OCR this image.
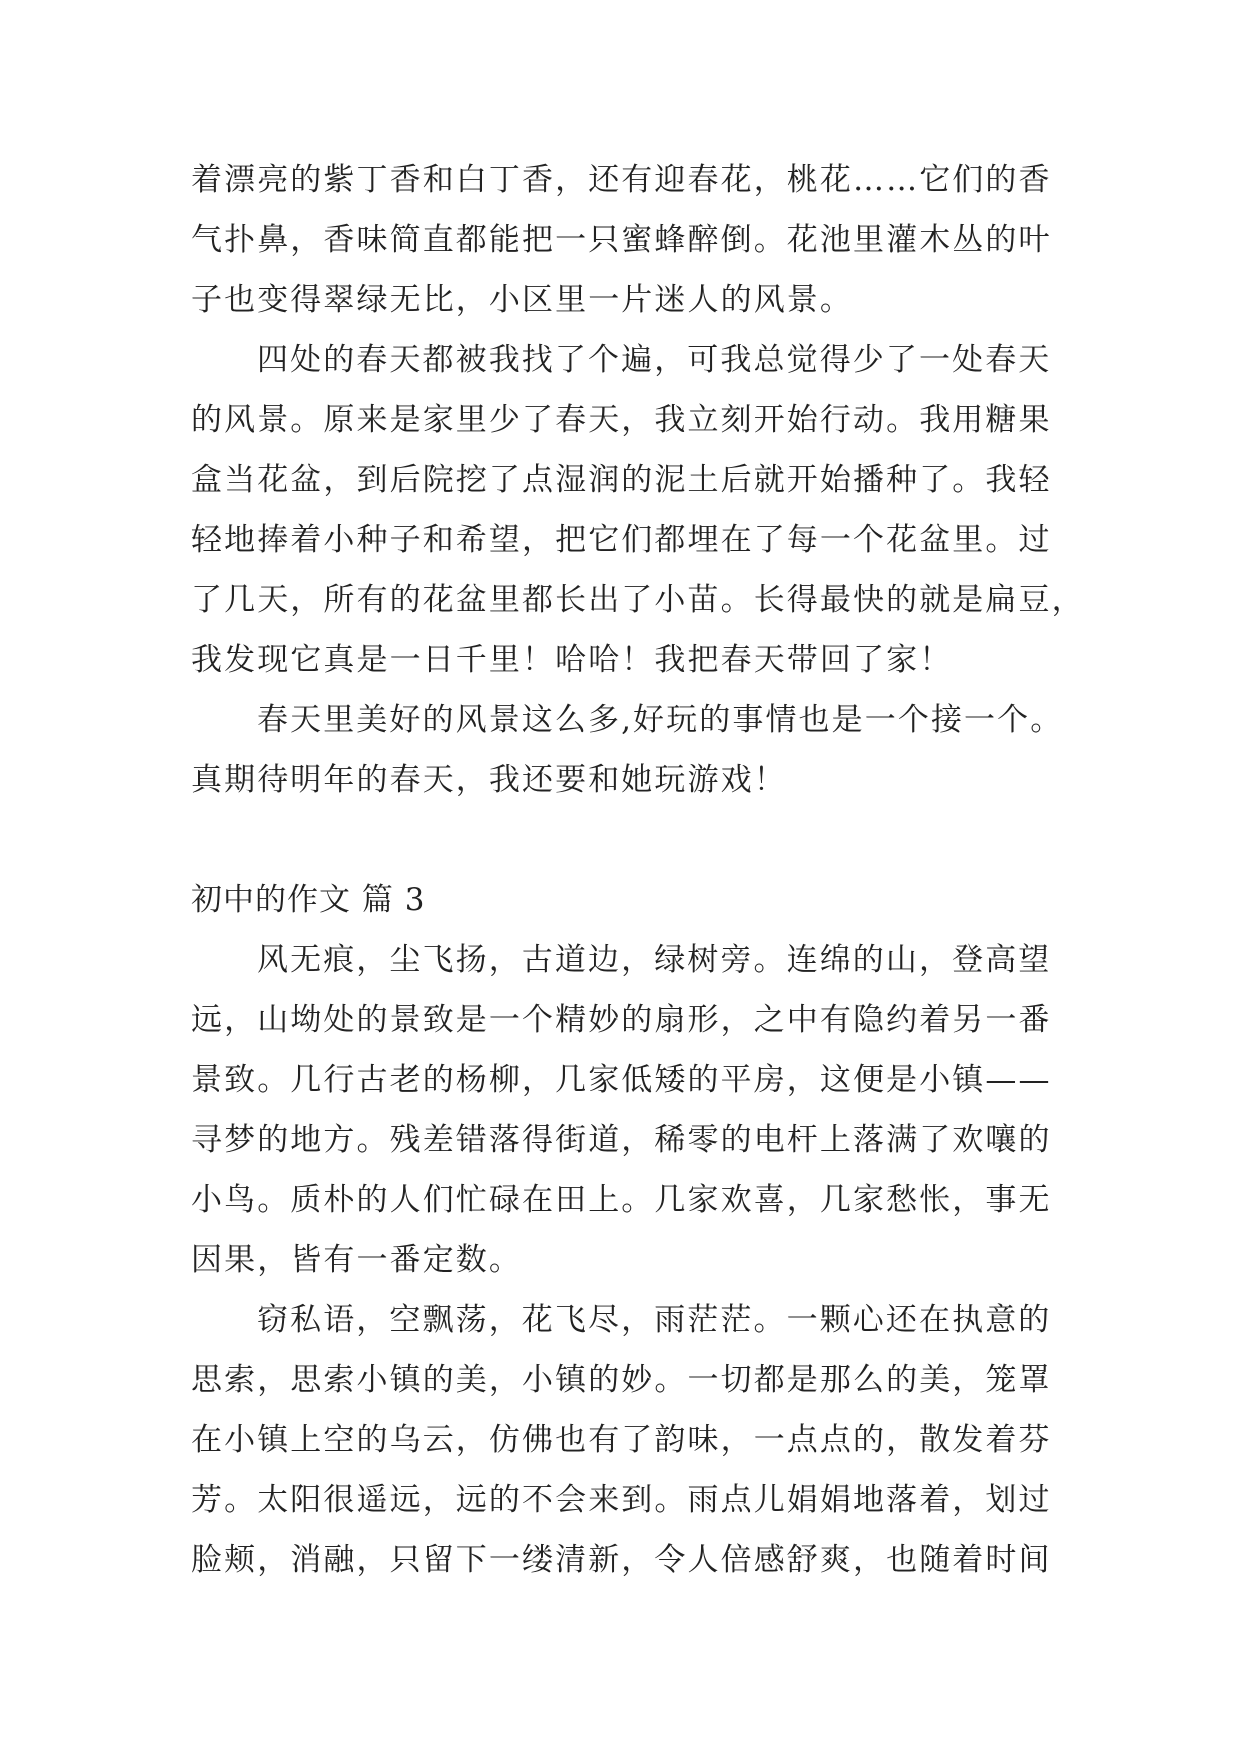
着漂亮的紫丁香和白丁香，还有迎春花，桃花……它们的香
气扑鼻，香味简直都能把一只蜜蜂醉倒。花池里灌木丛的叶
子也变得翠绿无比，小区里一片迷人的风景。
四处的春天都被我找了个遍，可我总觉得少了一处春天
的风景。原来是家里少了春天，我立刻开始行动。我用糖果
盒当花盆，到后院挖了点湿润的泥土后就开始播种了。我轻
轻地捧着小种子和希望，把它们都埋在了每一个花盆里。过
了几天，所有的花盆里都长出了小苗。长得最快的就是扁豆，
我发现它真是一日千里！哈哈！我把春天带回了家！
春天里美好的风景这么多,好玩的事情也是一个接一个。
真期待明年的春天，我还要和她玩游戏！
初中的作文 篇 3
风无痕，尘飞扬，古道边，绿树旁。连绵的山，登高望
远，山坳处的景致是一个精妙的扇形，之中有隐约着另一番
景致。几行古老的杨柳，几家低矮的平房，这便是小镇——
寻梦的地方。残差错落得街道，稀零的电杆上落满了欢嚷的
小鸟。质朴的人们忙碌在田上。几家欢喜，几家愁怅，事无
因果，皆有一番定数。
窃私语，空飘荡，花飞尽，雨茫茫。一颗心还在执意的
思索，思索小镇的美，小镇的妙。一切都是那么的美，笼罩
在小镇上空的乌云，仿佛也有了韵味，一点点的，散发着芬
芳。太阳很遥远，远的不会来到。雨点儿娟娟地落着，划过
脸颊，消融，只留下一缕清新，令人倍感舒爽，也随着时间
